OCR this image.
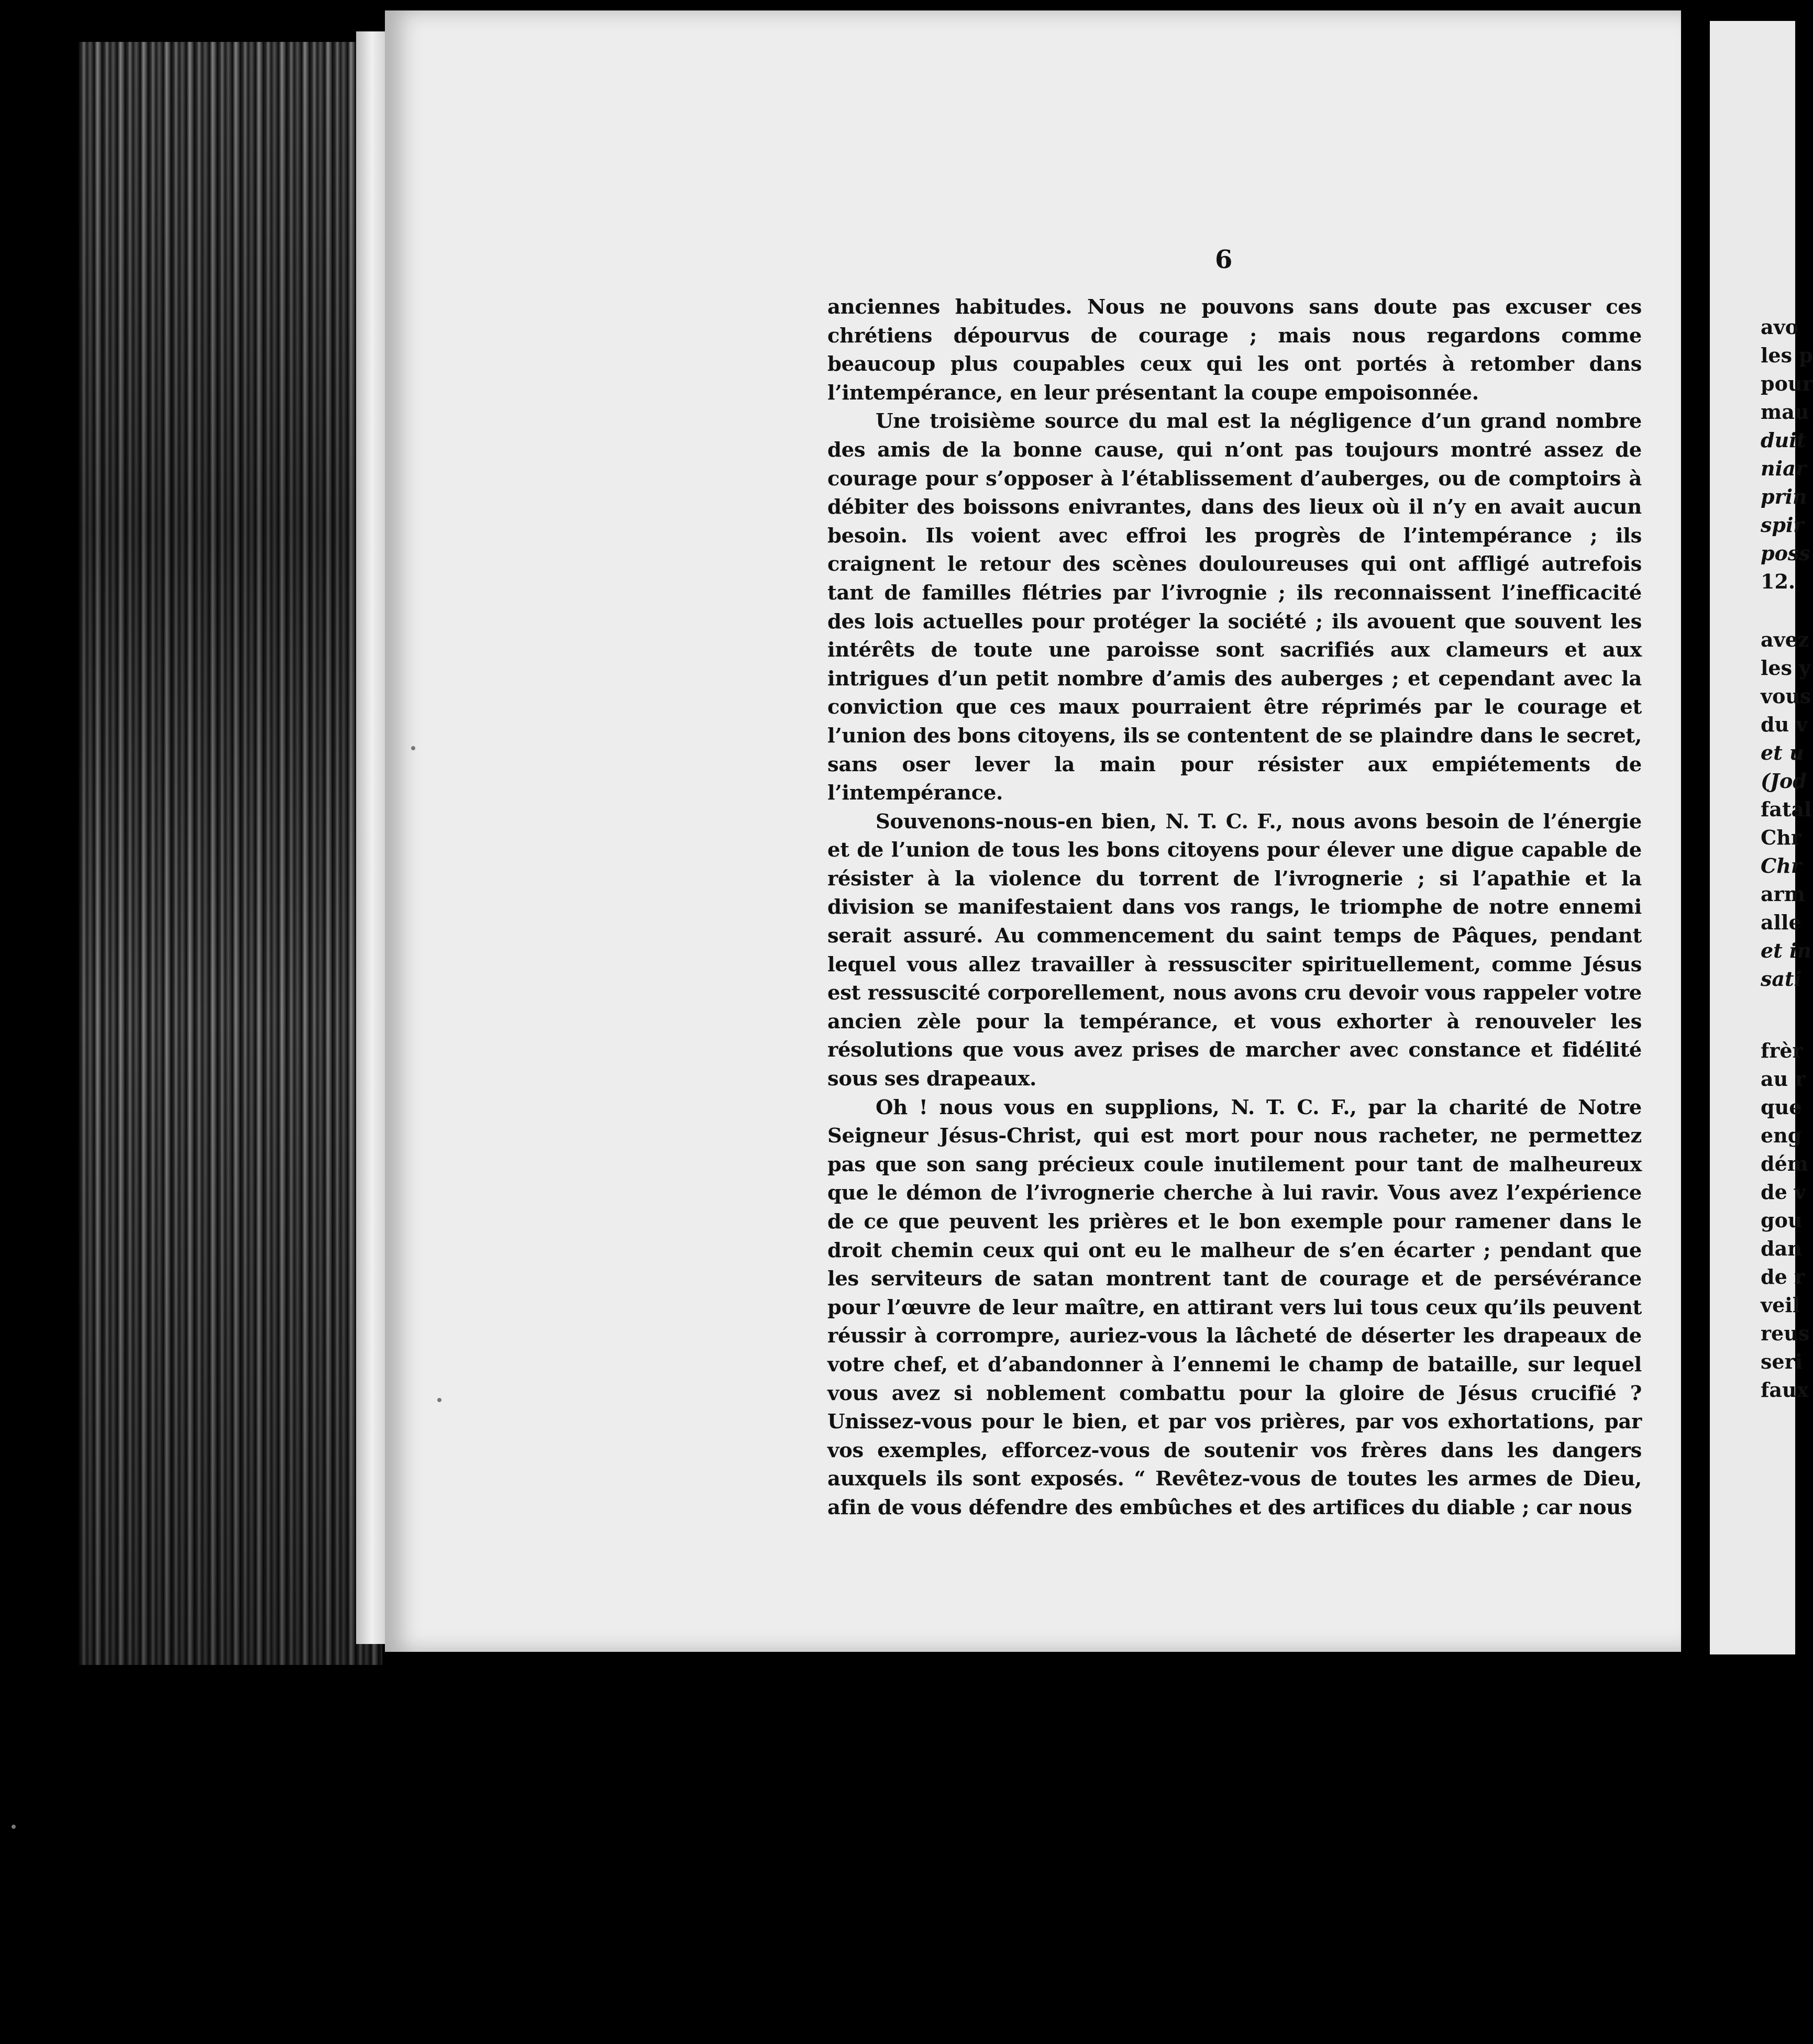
6

anciennes habitudes. Nous ne pouvons sans doute pas excuser ces chrétiens dépourvus de courage ; mais nous regardons comme beaucoup plus coupables ceux qui les ont portés à retomber dans l’intempérance, en leur présentant la coupe empoisonnée.

Une troisième source du mal est la négligence d’un grand nombre des amis de la bonne cause, qui n’ont pas toujours montré assez de courage pour s’opposer à l’établissement d’auberges, ou de comptoirs à débiter des boissons enivrantes, dans des lieux où il n’y en avait aucun besoin. Ils voient avec effroi les progrès de l’intempérance ; ils craignent le retour des scènes douloureuses qui ont affligé autrefois tant de familles flétries par l’ivrognie ; ils reconnaissent l’inefficacité des lois actuelles pour protéger la société ; ils avouent que souvent les intérêts de toute une paroisse sont sacrifiés aux clameurs et aux intrigues d’un petit nombre d’amis des auberges ; et cependant avec la conviction que ces maux pourraient être réprimés par le courage et l’union des bons citoyens, ils se contentent de se plaindre dans le secret, sans oser lever la main pour résister aux empiétements de l’intempérance.

Souvenons-nous-en bien, N. T. C. F., nous avons besoin de l’énergie et de l’union de tous les bons citoyens pour élever une digue capable de résister à la violence du torrent de l’ivrognerie ; si l’apathie et la division se manifestaient dans vos rangs, le triomphe de notre ennemi serait assuré. Au commencement du saint temps de Pâques, pendant lequel vous allez travailler à ressusciter spirituellement, comme Jésus est ressuscité corporellement, nous avons cru devoir vous rappeler votre ancien zèle pour la tempérance, et vous exhorter à renouveler les résolutions que vous avez prises de marcher avec constance et fidélité sous ses drapeaux.

Oh ! nous vous en supplions, N. T. C. F., par la charité de Notre Seigneur Jésus-Christ, qui est mort pour nous racheter, ne permettez pas que son sang précieux coule inutilement pour tant de malheureux que le démon de l’ivrognerie cherche à lui ravir. Vous avez l’expérience de ce que peuvent les prières et le bon exemple pour ramener dans le droit chemin ceux qui ont eu le malheur de s’en écarter ; pendant que les serviteurs de satan montrent tant de courage et de persévérance pour l’œuvre de leur maître, en attirant vers lui tous ceux qu’ils peuvent réussir à corrompre, auriez-vous la lâcheté de déserter les drapeaux de votre chef, et d’abandonner à l’ennemi le champ de bataille, sur lequel vous avez si noblement combattu pour la gloire de Jésus crucifié ? Unissez-vous pour le bien, et par vos prières, par vos exhortations, par vos exemples, efforcez-vous de soutenir vos frères dans les dangers auxquels ils sont exposés. “ Revêtez-vous de toutes les armes de Dieu, afin de vous défendre des embûches et des artifices du diable ; car nous

avo
les p
pour
mau
duit
niar
prin
spir
poss
12.
avez
les y
vous
du v
et u
(Jod
fatal
Chr
Chr
arm
alle
et in
sati
frèr
au r
que
eng
dém
de v
gou
dan
de r
veil
reus
seri
faux
